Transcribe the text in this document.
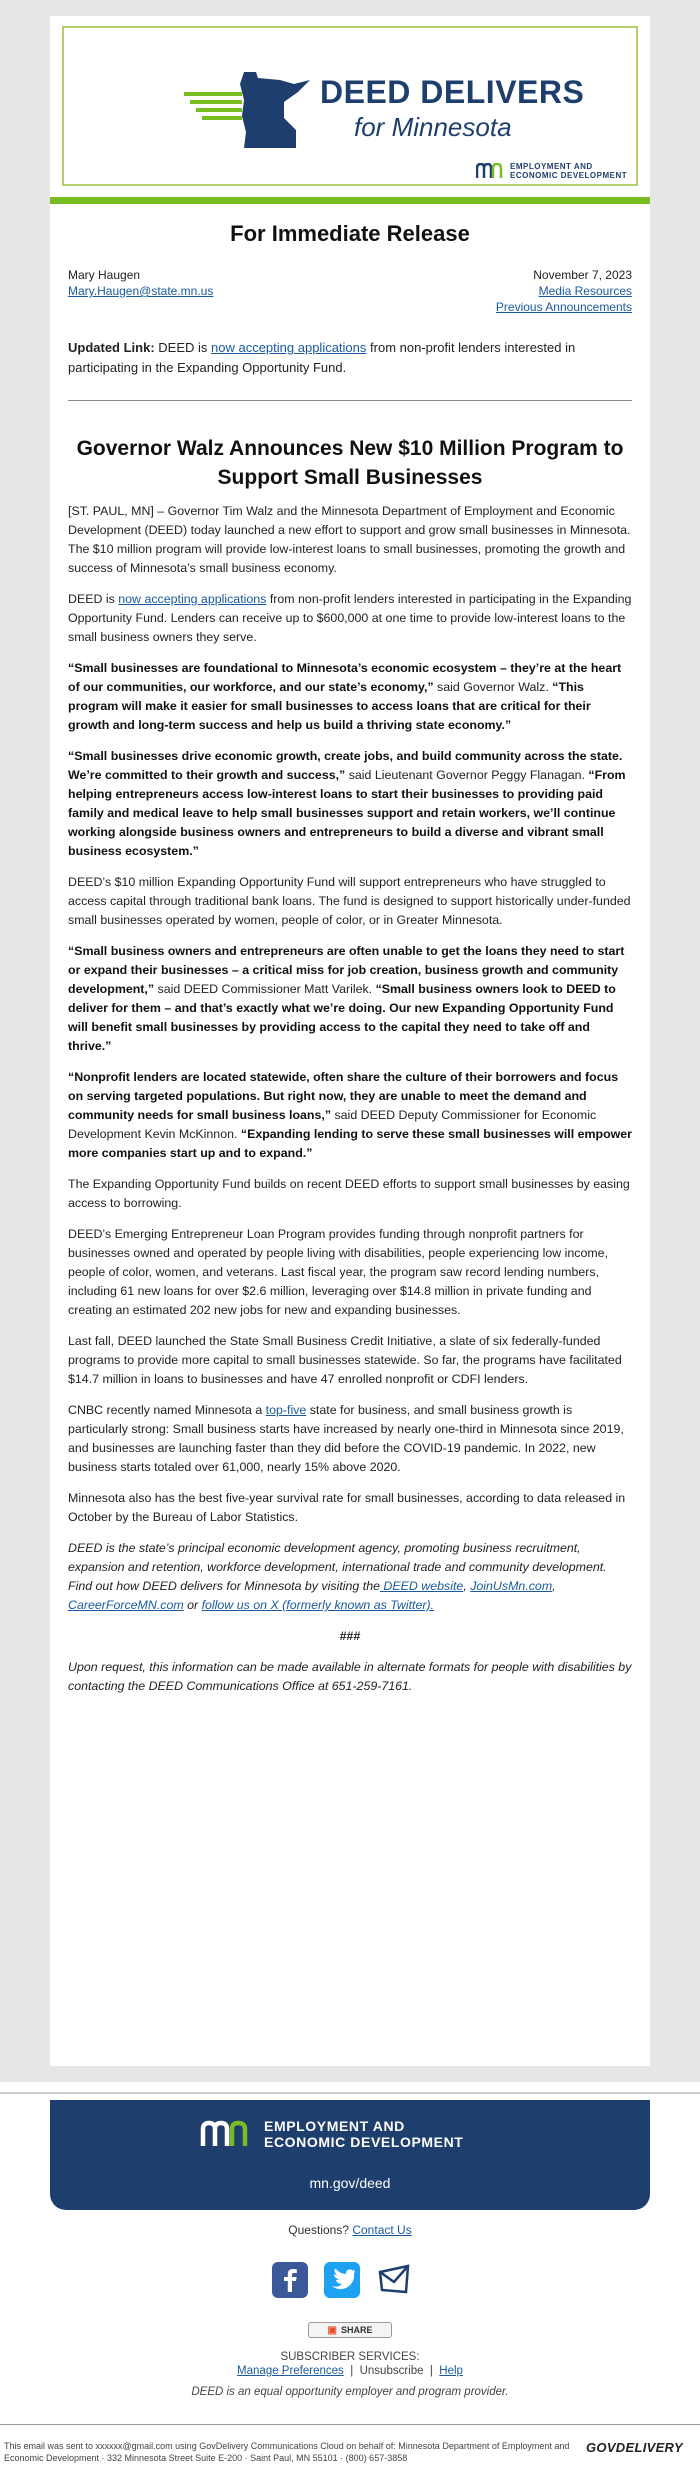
DEED DELIVERS
for Minnesota
EMPLOYMENT AND
ECONOMIC DEVELOPMENT
For Immediate Release
Mary Haugen
Mary.Haugen@state.mn.us
November 7, 2023
Media Resources
Previous Announcements
Updated Link: DEED is now accepting applications from non-profit lenders interested in participating in the Expanding Opportunity Fund.
Governor Walz Announces New $10 Million Program to Support Small Businesses

[ST. PAUL, MN] – Governor Tim Walz and the Minnesota Department of Employment and Economic Development (DEED) today launched a new effort to support and grow small businesses in Minnesota. The $10 million program will provide low-interest loans to small businesses, promoting the growth and success of Minnesota’s small business economy.

DEED is now accepting applications from non-profit lenders interested in participating in the Expanding Opportunity Fund. Lenders can receive up to $600,000 at one time to provide low-interest loans to the small business owners they serve.

“Small businesses are foundational to Minnesota’s economic ecosystem – they’re at the heart of our communities, our workforce, and our state’s economy,” said Governor Walz. “This program will make it easier for small businesses to access loans that are critical for their growth and long-term success and help us build a thriving state economy.”

“Small businesses drive economic growth, create jobs, and build community across the state. We’re committed to their growth and success,” said Lieutenant Governor Peggy Flanagan. “From helping entrepreneurs access low-interest loans to start their businesses to providing paid family and medical leave to help small businesses support and retain workers, we’ll continue working alongside business owners and entrepreneurs to build a diverse and vibrant small business ecosystem.”

DEED’s $10 million Expanding Opportunity Fund will support entrepreneurs who have struggled to access capital through traditional bank loans. The fund is designed to support historically under-funded small businesses operated by women, people of color, or in Greater Minnesota.

“Small business owners and entrepreneurs are often unable to get the loans they need to start or expand their businesses – a critical miss for job creation, business growth and community development,” said DEED Commissioner Matt Varilek. “Small business owners look to DEED to deliver for them – and that’s exactly what we’re doing. Our new Expanding Opportunity Fund will benefit small businesses by providing access to the capital they need to take off and thrive.”

“Nonprofit lenders are located statewide, often share the culture of their borrowers and focus on serving targeted populations. But right now, they are unable to meet the demand and community needs for small business loans,” said DEED Deputy Commissioner for Economic Development Kevin McKinnon. “Expanding lending to serve these small businesses will empower more companies start up and to expand.”

The Expanding Opportunity Fund builds on recent DEED efforts to support small businesses by easing access to borrowing.

DEED’s Emerging Entrepreneur Loan Program provides funding through nonprofit partners for businesses owned and operated by people living with disabilities, people experiencing low income, people of color, women, and veterans. Last fiscal year, the program saw record lending numbers, including 61 new loans for over $2.6 million, leveraging over $14.8 million in private funding and creating an estimated 202 new jobs for new and expanding businesses.

Last fall, DEED launched the State Small Business Credit Initiative, a slate of six federally-funded programs to provide more capital to small businesses statewide. So far, the programs have facilitated $14.7 million in loans to businesses and have 47 enrolled nonprofit or CDFI lenders.

CNBC recently named Minnesota a top-five state for business, and small business growth is particularly strong: Small business starts have increased by nearly one-third in Minnesota since 2019, and businesses are launching faster than they did before the COVID-19 pandemic. In 2022, new business starts totaled over 61,000, nearly 15% above 2020.

Minnesota also has the best five-year survival rate for small businesses, according to data released in October by the Bureau of Labor Statistics.

DEED is the state’s principal economic development agency, promoting business recruitment, expansion and retention, workforce development, international trade and community development. Find out how DEED delivers for Minnesota by visiting the DEED website, JoinUsMn.com, CareerForceMN.com or follow us on X (formerly known as Twitter).

###

Upon request, this information can be made available in alternate formats for people with disabilities by contacting the DEED Communications Office at 651-259-7161.

EMPLOYMENT AND
ECONOMIC DEVELOPMENT
mn.gov/deed
Questions? Contact Us
▣ SHARE
SUBSCRIBER SERVICES:
Manage Preferences  |  Unsubscribe  |  Help
DEED is an equal opportunity employer and program provider.
This email was sent to xxxxxx@gmail.com using GovDelivery Communications Cloud on behalf of: Minnesota Department of Employment and Economic Development · 332 Minnesota Street Suite E-200 · Saint Paul, MN 55101 · (800) 657-3858
GOVDELIVERY
